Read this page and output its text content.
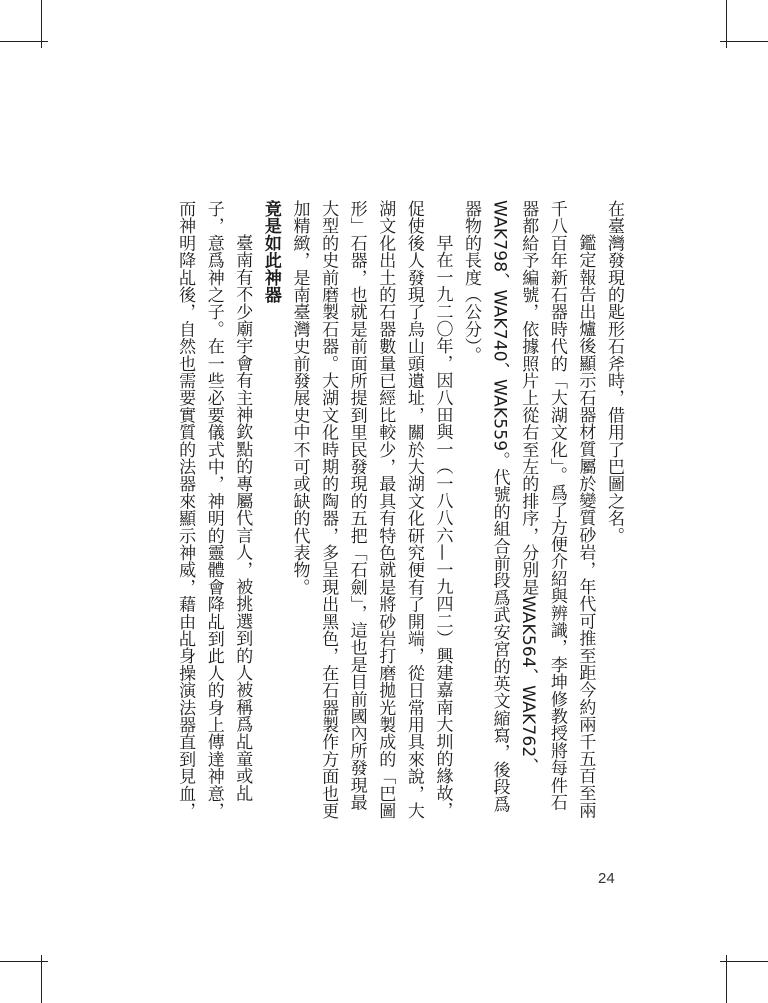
在臺灣發現的匙形石斧時，借用了巴圖之名。

鑑定報告出爐後顯示石器材質屬於變質砂岩，年代可推至距今約兩千五百至兩千八百年新石器時代的「大湖文化」。爲了方便介紹與辨識，李坤修教授將每件石器都給予編號，依據照片上從右至左的排序，分別是WAK564、WAK762、WAK798、WAK740、WAK559。代號的組合前段爲武安宮的英文縮寫，後段爲器物的長度（公分）。

早在一九二〇年，因八田與一（一八八六—一九四二）興建嘉南大圳的緣故，促使後人發現了烏山頭遺址，關於大湖文化研究便有了開端，從日常用具來說，大湖文化出土的石器數量已經比較少，最具有特色就是將砂岩打磨拋光製成的「巴圖形」石器，也就是前面所提到里民發現的五把「石劍」，這也是目前國內所發現最大型的史前磨製石器。大湖文化時期的陶器，多呈現出黑色，在石器製作方面也更加精緻，是南臺灣史前發展史中不可或缺的代表物。

竟是如此神器

臺南有不少廟宇會有主神欽點的專屬代言人，被挑選到的人被稱爲乩童或乩子，意爲神之子。在一些必要儀式中，神明的靈體會降乩到此人的身上傳達神意，而神明降乩後，自然也需要實質的法器來顯示神威，藉由乩身操演法器直到見血，

24
